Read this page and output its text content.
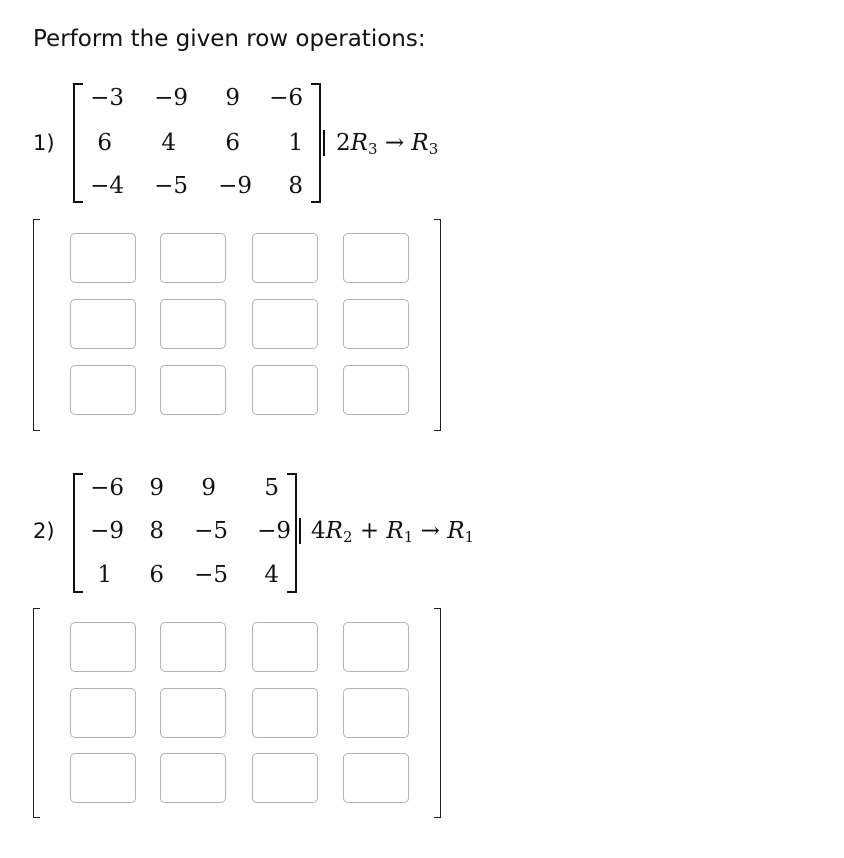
Perform the given row operations:
1)
−3	−9	9	−6
6	4	6	1
−4	−5	−9	8
$2R_3 \to R_3$
2)
−6	9	9	5
−9	8	−5	−9
1	6	−5	4
$4R_2 + R_1 \to R_1$
